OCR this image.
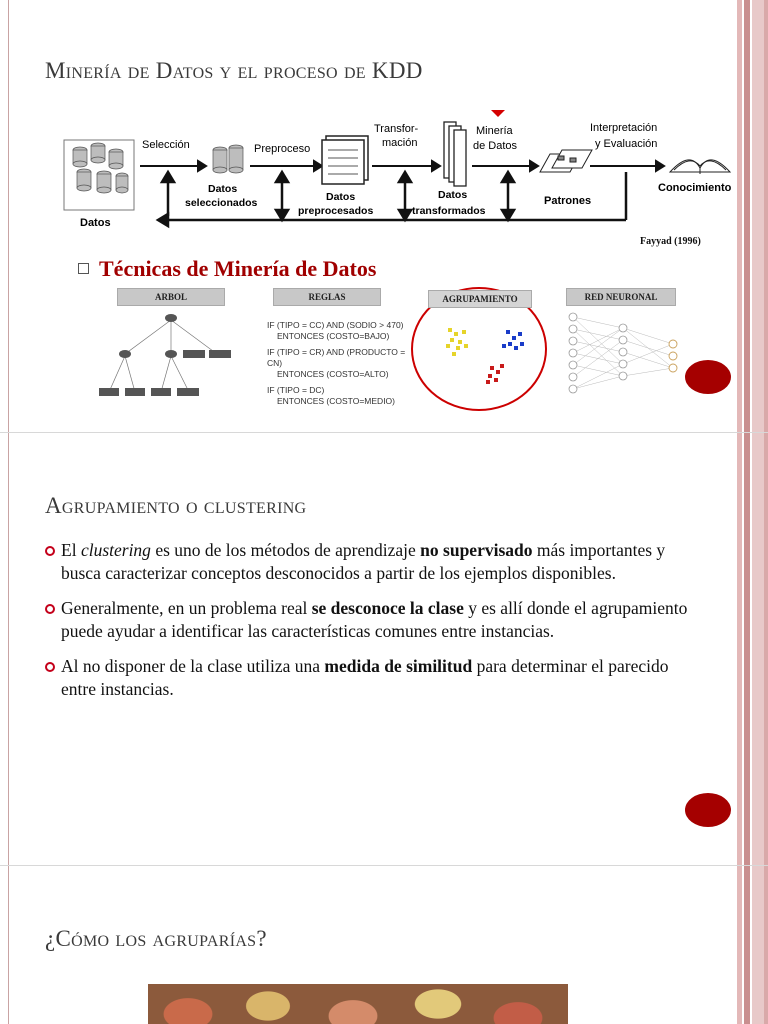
Minería de Datos y el proceso de KDD
Datos
Selección	Preproceso
Transfor-
mación
Minería
de Datos
Interpretación
y Evaluación
Datos
seleccionados	Datos
preprocesados
Datos
transformados
Patrones
Conocimiento
Fayyad (1996)
Técnicas de Minería de Datos
ARBOL	REGLAS
IF (TIPO = CC) AND (SODIO > 470)
ENTONCES (COSTO=BAJO)
IF (TIPO = CR) AND (PRODUCTO = CN)
ENTONCES (COSTO=ALTO)
IF (TIPO = DC)
ENTONCES (COSTO=MEDIO)
AGRUPAMIENTO	RED NEURONAL
Agrupamiento o clustering
El clustering es uno de los métodos de aprendizaje no supervisado más importantes y busca caracterizar conceptos desconocidos a partir de los ejemplos disponibles.
Generalmente, en un problema real se desconoce la clase y es allí donde el agrupamiento puede ayudar a identificar las características comunes entre instancias.
Al no disponer de la clase utiliza una medida de similitud para determinar el parecido entre instancias.
¿Cómo los agruparías?
